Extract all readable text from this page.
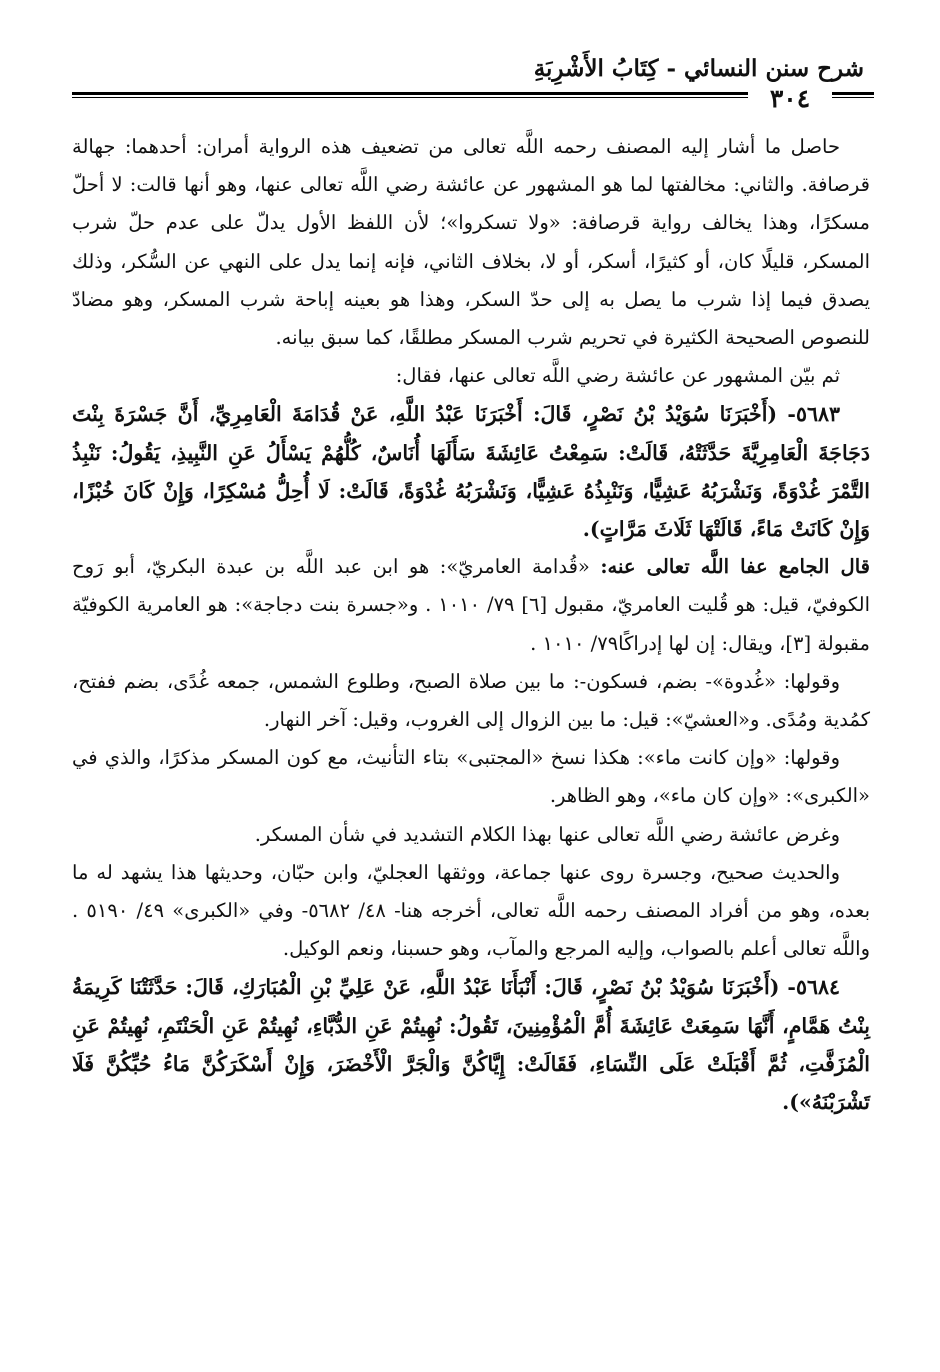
شرح سنن النسائي - كِتَابُ الأَشْرِبَةِ
٣٠٤

حاصل ما أشار إليه المصنف رحمه اللَّه تعالى من تضعيف هذه الرواية أمران: أحدهما: جهالة قرصافة. والثاني: مخالفتها لما هو المشهور عن عائشة رضي اللَّه تعالى عنها، وهو أنها قالت: لا أحلّ مسكرًا، وهذا يخالف رواية قرصافة: «ولا تسكروا»؛ لأن اللفظ الأول يدلّ على عدم حلّ شرب المسكر، قليلًا كان، أو كثيرًا، أسكر، أو لا، بخلاف الثاني، فإنه إنما يدل على النهي عن السُّكر، وذلك يصدق فيما إذا شرب ما يصل به إلى حدّ السكر، وهذا هو بعينه إباحة شرب المسكر، وهو مضادّ للنصوص الصحيحة الكثيرة في تحريم شرب المسكر مطلقًا، كما سبق بيانه.

ثم بيّن المشهور عن عائشة رضي اللَّه تعالى عنها، فقال:

٥٦٨٣- (أَخْبَرَنَا سُوَيْدُ بْنُ نَصْرٍ، قَالَ: أَخْبَرَنَا عَبْدُ اللَّهِ، عَنْ قُدَامَةَ الْعَامِرِيِّ، أَنَّ جَسْرَةَ بِنْتَ دَجَاجَةَ الْعَامِرِيَّةَ حَدَّثَتْهُ، قَالَتْ: سَمِعْتُ عَائِشَةَ سَأَلَهَا أُنَاسٌ، كُلُّهُمْ يَسْأَلُ عَنِ النَّبِيذِ، يَقُولُ: نَنْبِذُ التَّمْرَ غُدْوَةً، وَنَشْرَبُهُ عَشِيًّا، وَنَنْبِذُهُ عَشِيًّا، وَنَشْرَبُهُ غُدْوَةً، قَالَتْ: لَا أُحِلُّ مُسْكِرًا، وَإِنْ كَانَ خُبْزًا، وَإِنْ كَانَتْ مَاءً، قَالَتْهَا ثَلَاثَ مَرَّاتٍ).

قال الجامع عفا اللَّه تعالى عنه: «قُدامة العامريّ»: هو ابن عبد اللَّه بن عبدة البكريّ، أبو رَوح الكوفيّ، قيل: هو قُليت العامريّ، مقبول [٦] ٧٩/ ١٠١٠ . و«جسرة بنت دجاجة»: هو العامرية الكوفيّة مقبولة [٣]، ويقال: إن لها إدراكًا٧٩/ ١٠١٠ .

وقولها: «غُدوة»- بضم، فسكون-: ما بين صلاة الصبح، وطلوع الشمس، جمعه غُدًى، بضم ففتح، كمُدية ومُدًى. و«العشيّ»: قيل: ما بين الزوال إلى الغروب، وقيل: آخر النهار.

وقولها: «وإن كانت ماء»: هكذا نسخ «المجتبى» بتاء التأنيث، مع كون المسكر مذكرًا، والذي في «الكبرى»: «وإن كان ماء»، وهو الظاهر.

وغرض عائشة رضي اللَّه تعالى عنها بهذا الكلام التشديد في شأن المسكر.

والحديث صحيح، وجسرة روى عنها جماعة، ووثقها العجليّ، وابن حبّان، وحديثها هذا يشهد له ما بعده، وهو من أفراد المصنف رحمه اللَّه تعالى، أخرجه هنا- ٤٨/ ٥٦٨٢- وفي «الكبرى» ٤٩/ ٥١٩٠ . واللَّه تعالى أعلم بالصواب، وإليه المرجع والمآب، وهو حسبنا، ونعم الوكيل.

٥٦٨٤- (أَخْبَرَنَا سُوَيْدُ بْنُ نَصْرٍ، قَالَ: أَنْبَأَنَا عَبْدُ اللَّهِ، عَنْ عَلِيِّ بْنِ الْمُبَارَكِ، قَالَ: حَدَّثَتْنَا كَرِيمَةُ بِنْتُ هَمَّامٍ، أَنَّهَا سَمِعَتْ عَائِشَةَ أُمَّ الْمُؤْمِنِينَ، تَقُولُ: نُهِيتُمْ عَنِ الدُّبَّاءِ، نُهِيتُمْ عَنِ الْحَنْتَمِ، نُهِيتُمْ عَنِ الْمُزَفَّتِ، ثُمَّ أَقْبَلَتْ عَلَى النِّسَاءِ، فَقَالَتْ: إِيَّاكُنَّ وَالْجَرَّ الْأَخْضَرَ، وَإِنْ أَسْكَرَكُنَّ مَاءُ حُبِّكُنَّ فَلَا تَشْرَبْنَهُ»).
